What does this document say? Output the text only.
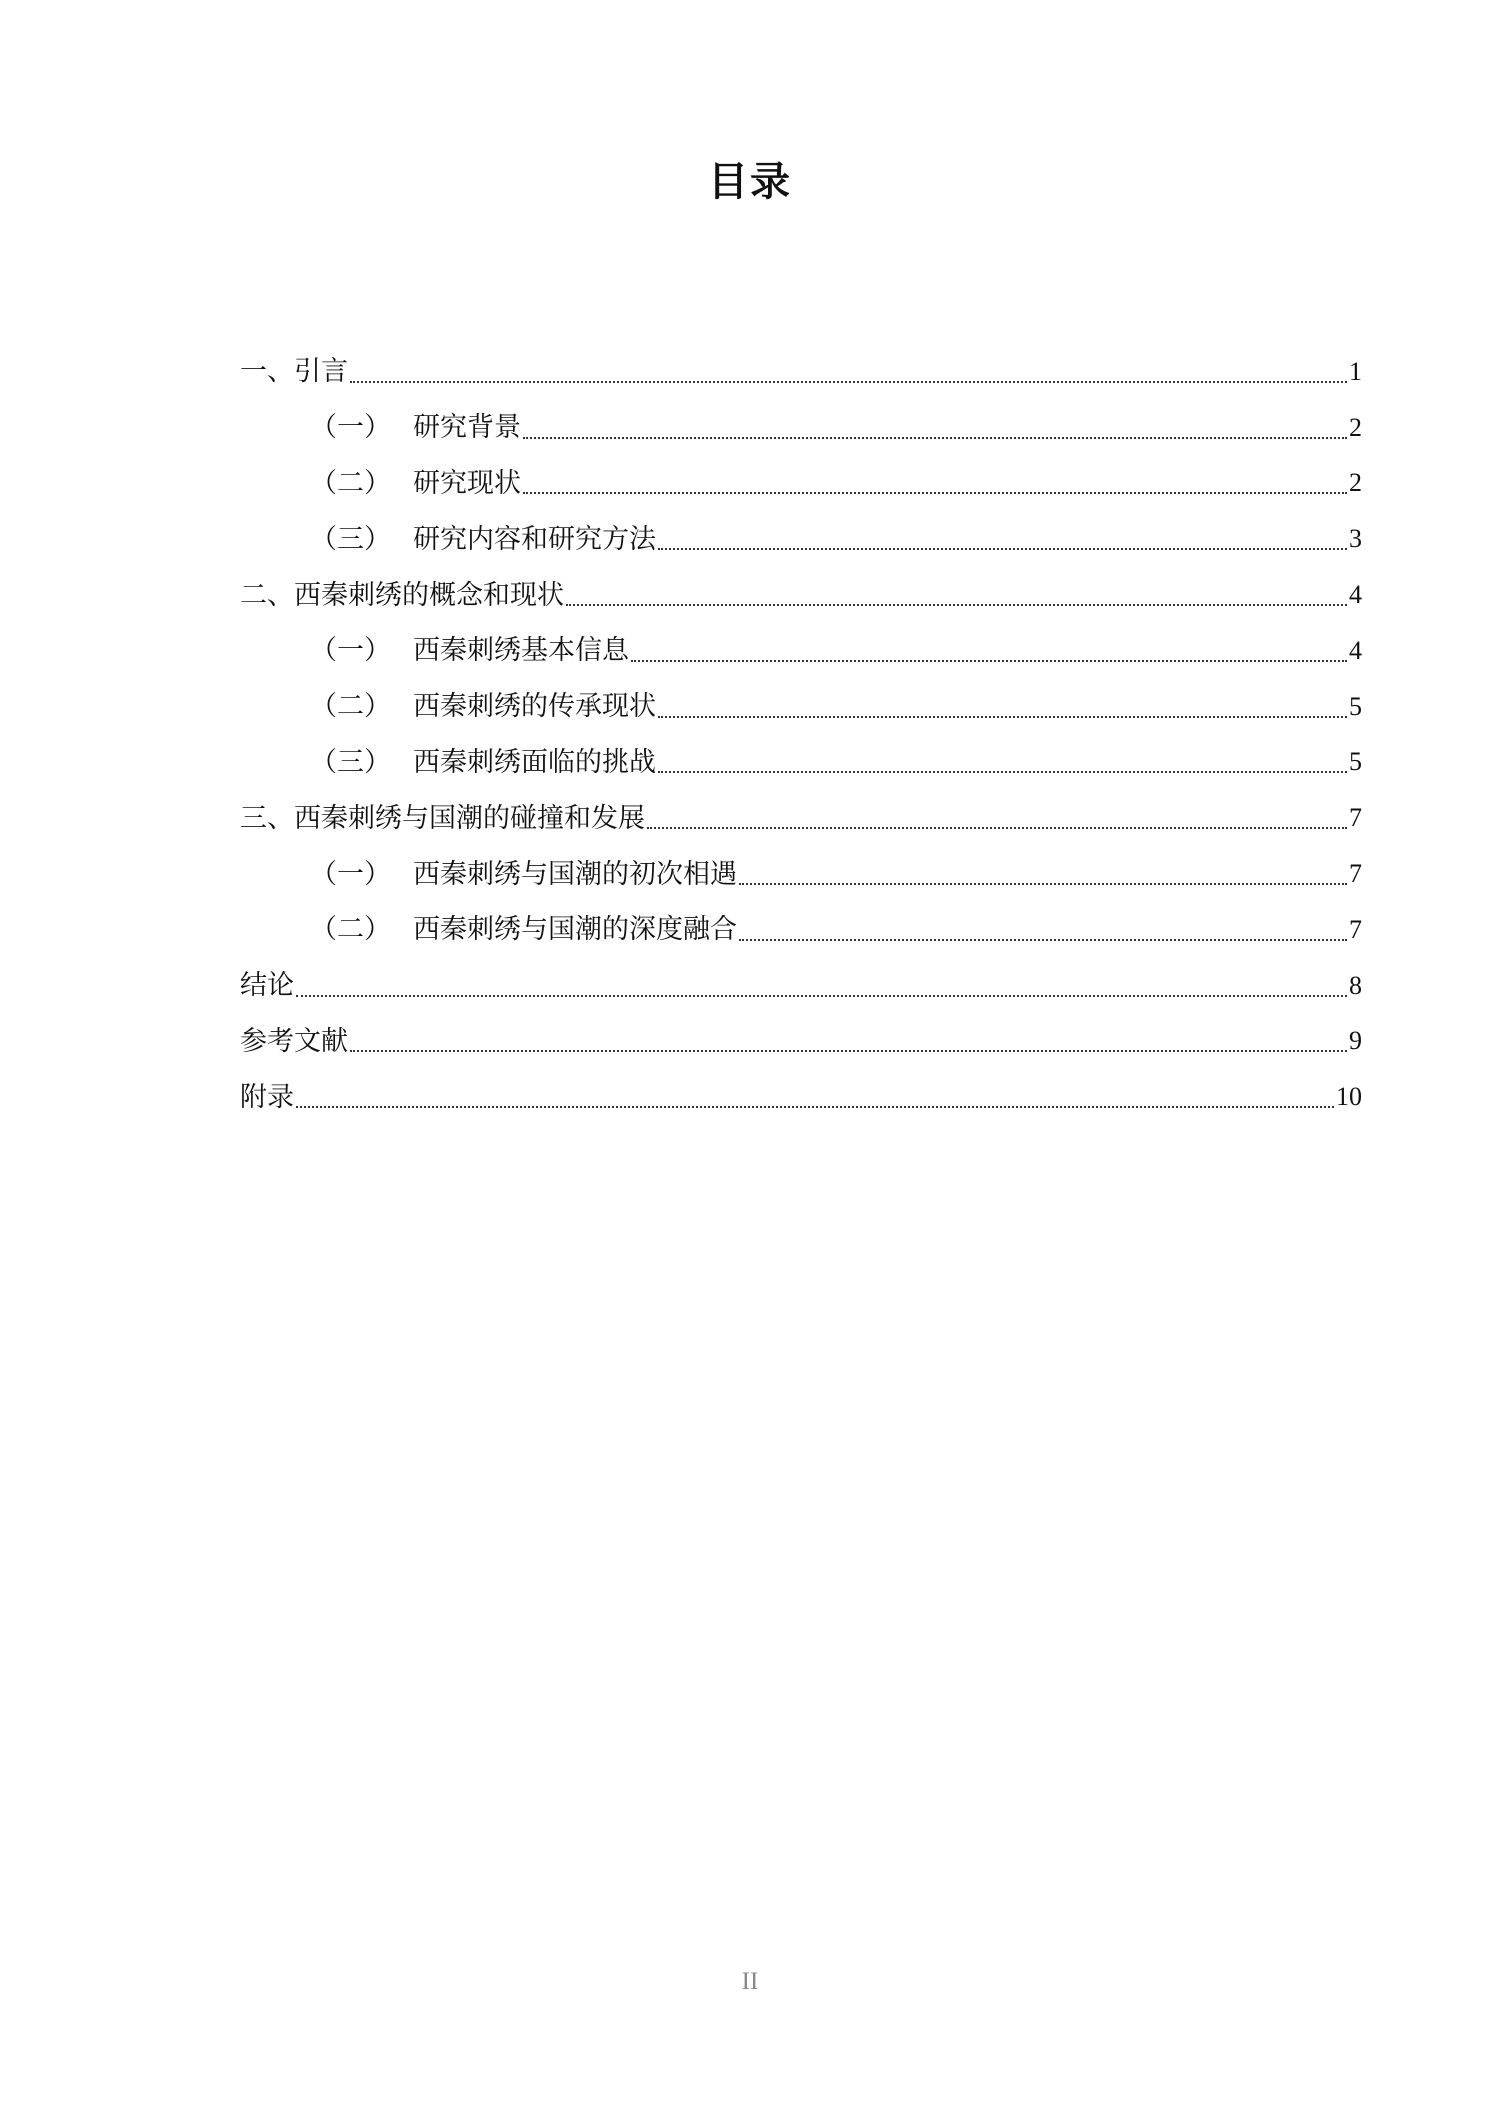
目录
一、引言	1
（一） 研究背景	2
（二） 研究现状	2
（三） 研究内容和研究方法	3
二、西秦刺绣的概念和现状	4
（一） 西秦刺绣基本信息	4
（二） 西秦刺绣的传承现状	5
（三） 西秦刺绣面临的挑战	5
三、西秦刺绣与国潮的碰撞和发展	7
（一） 西秦刺绣与国潮的初次相遇	7
（二） 西秦刺绣与国潮的深度融合	7
结论	8
参考文献	9
附录	10
II
